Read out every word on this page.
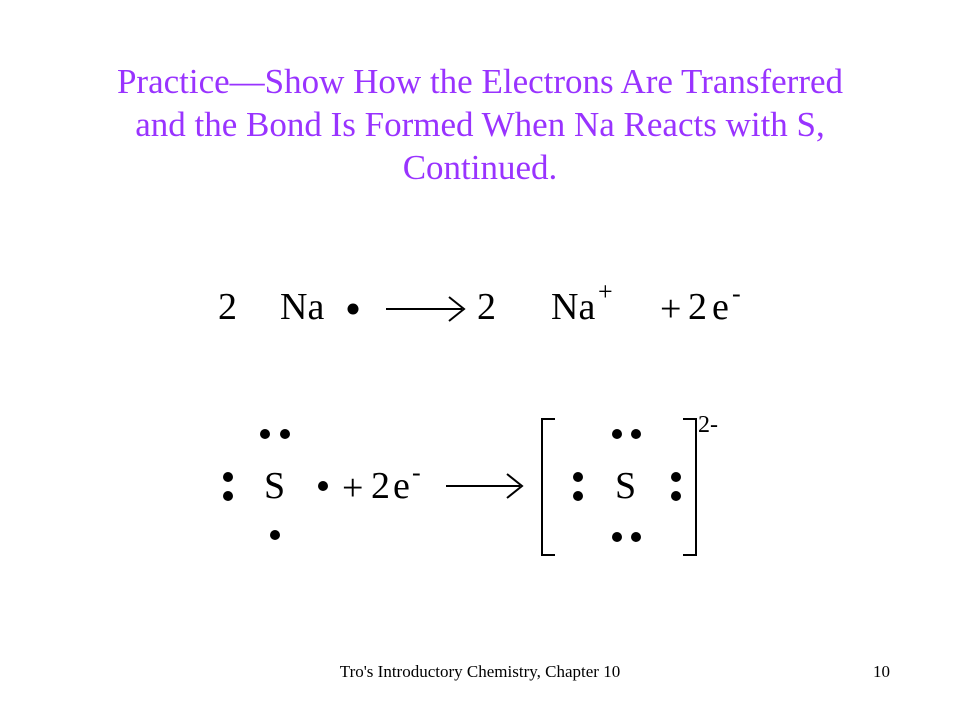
Practice—Show How the Electrons Are Transferred
and the Bond Is Formed When Na Reacts with S,
Continued.
2 Na	2 Na + + 2 e -
S + 2 e -	S
2-
Tro's Introductory Chemistry, Chapter 10	10
